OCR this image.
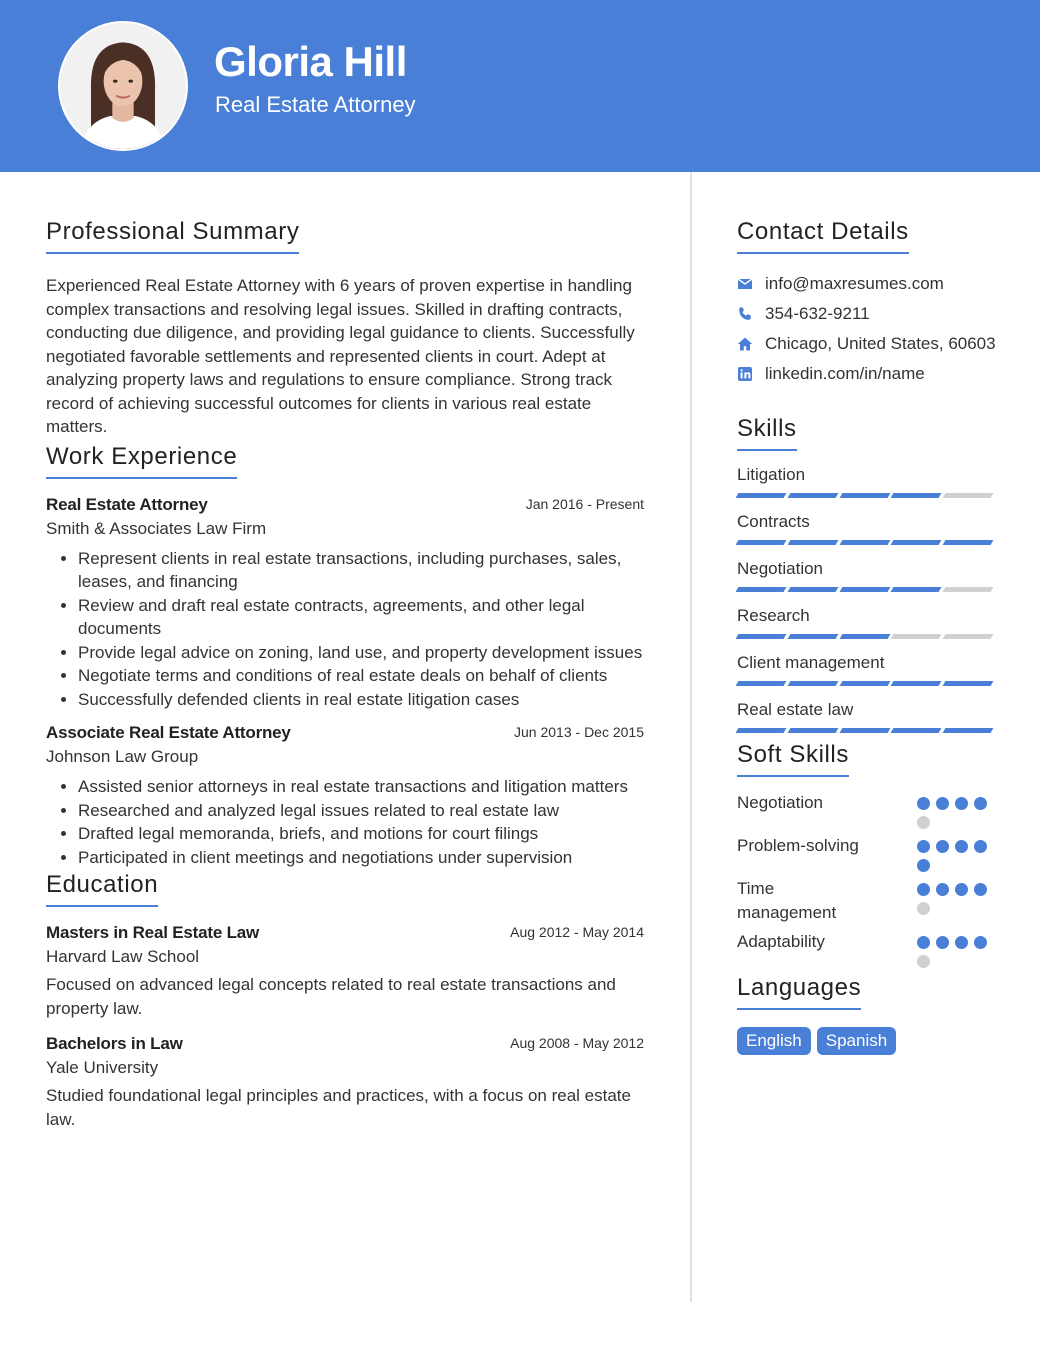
Gloria Hill
Real Estate Attorney
Professional Summary

Experienced Real Estate Attorney with 6 years of proven expertise in handling complex transactions and resolving legal issues. Skilled in drafting contracts, conducting due diligence, and providing legal guidance to clients. Successfully negotiated favorable settlements and represented clients in court. Adept at analyzing property laws and regulations to ensure compliance. Strong track record of achieving successful outcomes for clients in various real estate matters.

Work Experience
Real Estate Attorney	Jan 2016 - Present
Smith & Associates Law Firm
• Represent clients in real estate transactions, including purchases, sales, leases, and financing
• Review and draft real estate contracts, agreements, and other legal documents
• Provide legal advice on zoning, land use, and property development issues
• Negotiate terms and conditions of real estate deals on behalf of clients
• Successfully defended clients in real estate litigation cases
Associate Real Estate Attorney	Jun 2013 - Dec 2015
Johnson Law Group
• Assisted senior attorneys in real estate transactions and litigation matters
• Researched and analyzed legal issues related to real estate law
• Drafted legal memoranda, briefs, and motions for court filings
• Participated in client meetings and negotiations under supervision
Education
Masters in Real Estate Law	Aug 2012 - May 2014
Harvard Law School

Focused on advanced legal concepts related to real estate transactions and property law.

Bachelors in Law	Aug 2008 - May 2012
Yale University

Studied foundational legal principles and practices, with a focus on real estate law.

Contact Details
info@maxresumes.com
354-632-9211
Chicago, United States, 60603
linkedin.com/in/name
Skills
Litigation
Contracts
Negotiation
Research
Client management
Real estate law
Soft Skills
Negotiation
Problem-solving
Time management
Adaptability
Languages
English	Spanish
